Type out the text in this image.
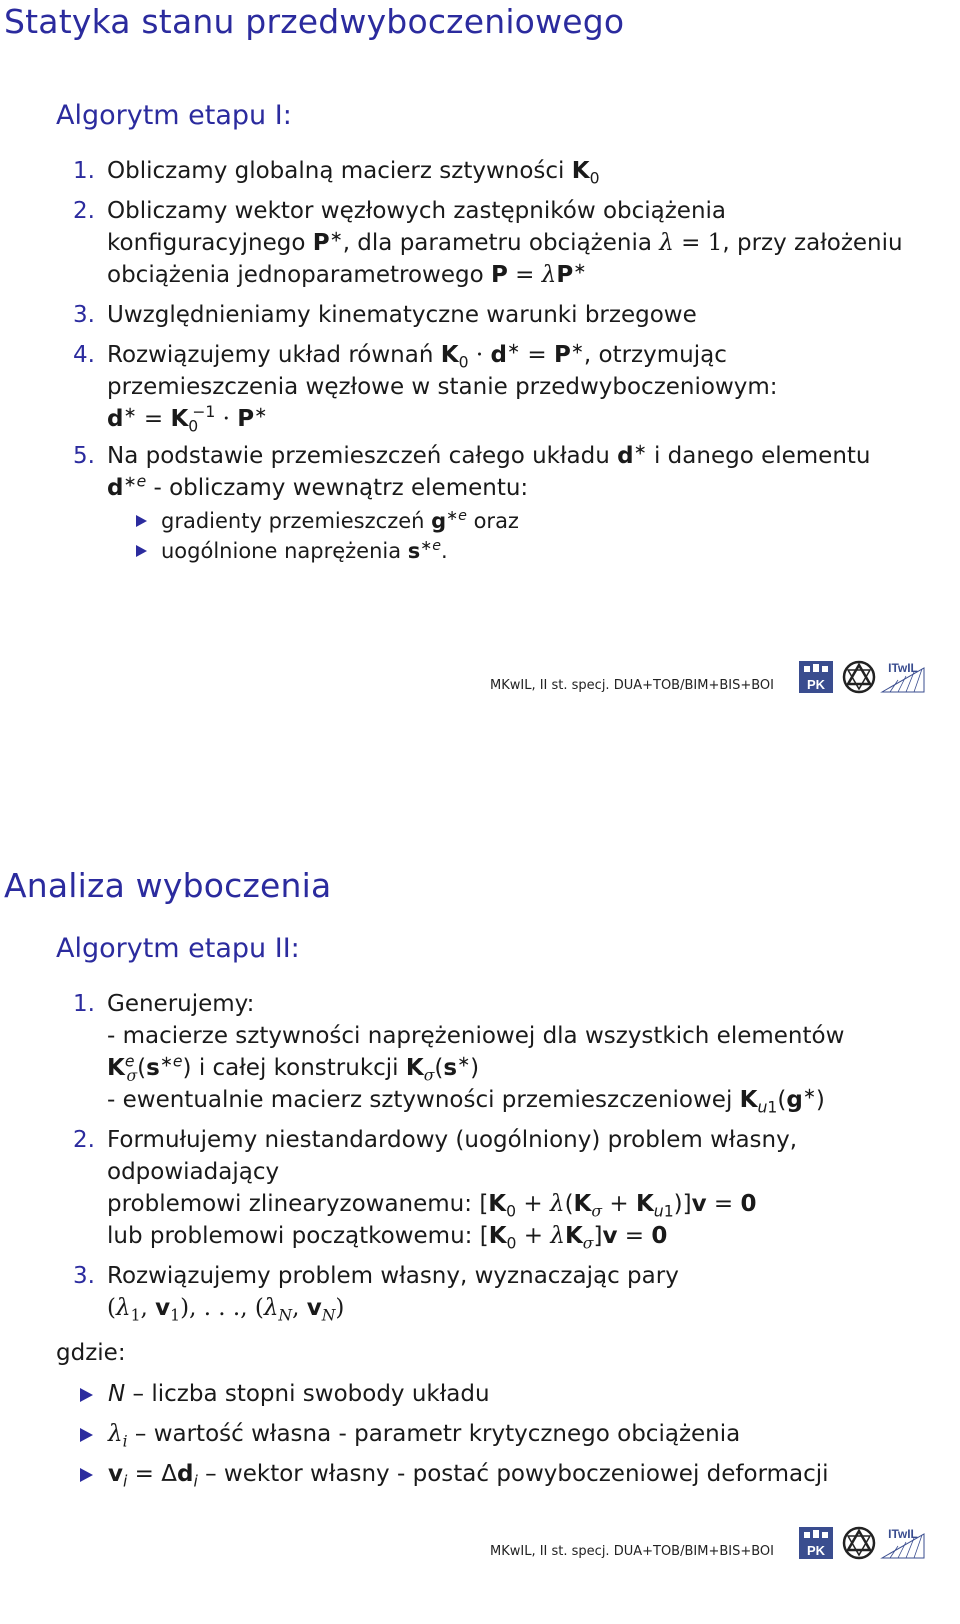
Statyka stanu przedwyboczeniowego
Algorytm etapu I:
1. Obliczamy globalną macierz sztywności $K_0$
2. Obliczamy wektor węzłowych zastępników obciążenia
konfiguracyjnego P∗, dla parametru obciążenia λ = 1, przy założeniu
obciążenia jednoparametrowego P = λP∗
3. Uwzględnieniamy kinematyczne warunki brzegowe
4. Rozwiązujemy układ równań $K_0 \cdot d^∗ = P^∗$, otrzymując
przemieszczenia węzłowe w stanie przedwyboczeniowym:
$d^∗ = K_0^{-1} \cdot P^∗$
5. Na podstawie przemieszczeń całego układu d∗ i danego elementu
$d^{∗e}$ - obliczamy wewnątrz elementu:
gradienty przemieszczeń $g^{∗e}$ oraz
uogólnione naprężenia $s^{∗e}$.
MKwIL, II st. specj. DUA+TOB/BIM+BIS+BOI	PK
ITwIL
Analiza wyboczenia
Algorytm etapu II:
1. Generujemy:
- macierze sztywności naprężeniowej dla wszystkich elementów
$K^e_\sigma(s^{∗e})$ i całej konstrukcji $K_\sigma(s^∗)$
- ewentualnie macierz sztywności przemieszczeniowej $K_{u1}(g^∗)$
2. Formułujemy niestandardowy (uogólniony) problem własny,
odpowiadający
problemowi zlinearyzowanemu: $[K_0 + \lambda(K_\sigma + K_{u1})]v = 0$
lub problemowi początkowemu: $[K_0 + \lambda K_\sigma]v = 0$
3. Rozwiązujemy problem własny, wyznaczając pary
($\lambda_1$, $v_1$), . . ., ($\lambda_N$, $v_N$)
gdzie:
N – liczba stopni swobody układu
$\lambda_i$ – wartość własna - parametr krytycznego obciążenia
$v_i = \Delta d_i$ – wektor własny - postać powyboczeniowej deformacji
MKwIL, II st. specj. DUA+TOB/BIM+BIS+BOI	PK
ITwIL
